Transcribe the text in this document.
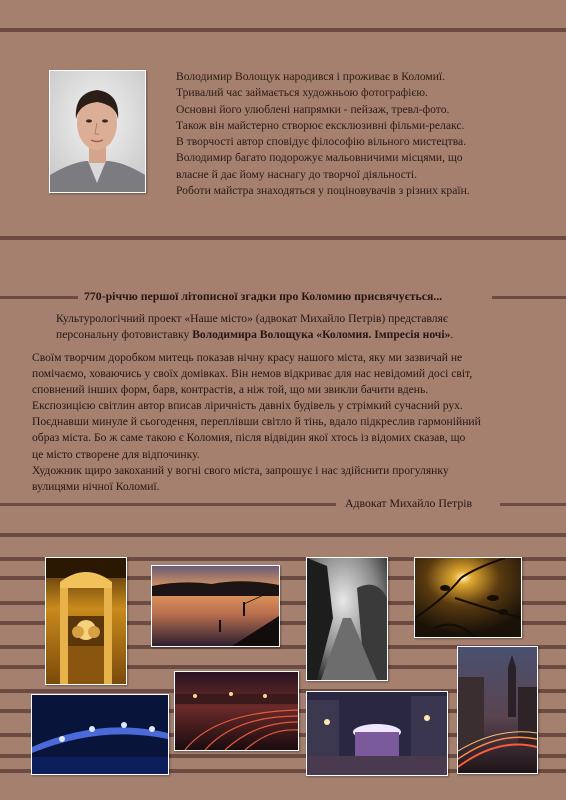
Володимир Волощук народився і проживає в Коломиї.

Тривалий час займається художньою фотографією.

Основні його улюблені напрямки - пейзаж, тревл-фото.

Також він майстерно створює ексклюзивні фільми-релакс.

В творчості автор сповідує філософію вільного мистецтва.

Володимир багато подорожує мальовничими місцями, що

власне й дає йому наснагу до творчої діяльності.

Роботи майстра знаходяться у поціновувачів з різних країн.

770-річчю першої літописної згадки про Коломию присвячується...

Культурологічний проект «Наше місто» (адвокат Михайло Петрів) представляє

персональну фотовиставку Володимира Волощука «Коломия. Імпресія ночі».

Своїм творчим доробком митець показав нічну красу нашого міста, яку ми зазвичай не

помічаємо, ховаючись у своїх домівках. Він немов відкриває для нас невідомий досі світ,

сповнений інших форм, барв, контрастів, а ніж той, що ми звикли бачити вдень.

Експозицією світлин автор вписав ліричність давніх будівель у стрімкий сучасний рух.

Поєднавши минуле й сьогодення, переплівши світло й тінь, вдало підкреслив гармонійний

образ міста. Бо ж саме такою є Коломия, після відвідин якої хтось із відомих сказав, що

це місто створене для відпочинку.

Художник щиро закоханий у вогні свого міста, запрошує і нас здійснити прогулянку

вулицями нічної Коломиї.

Адвокат Михайло Петрів
